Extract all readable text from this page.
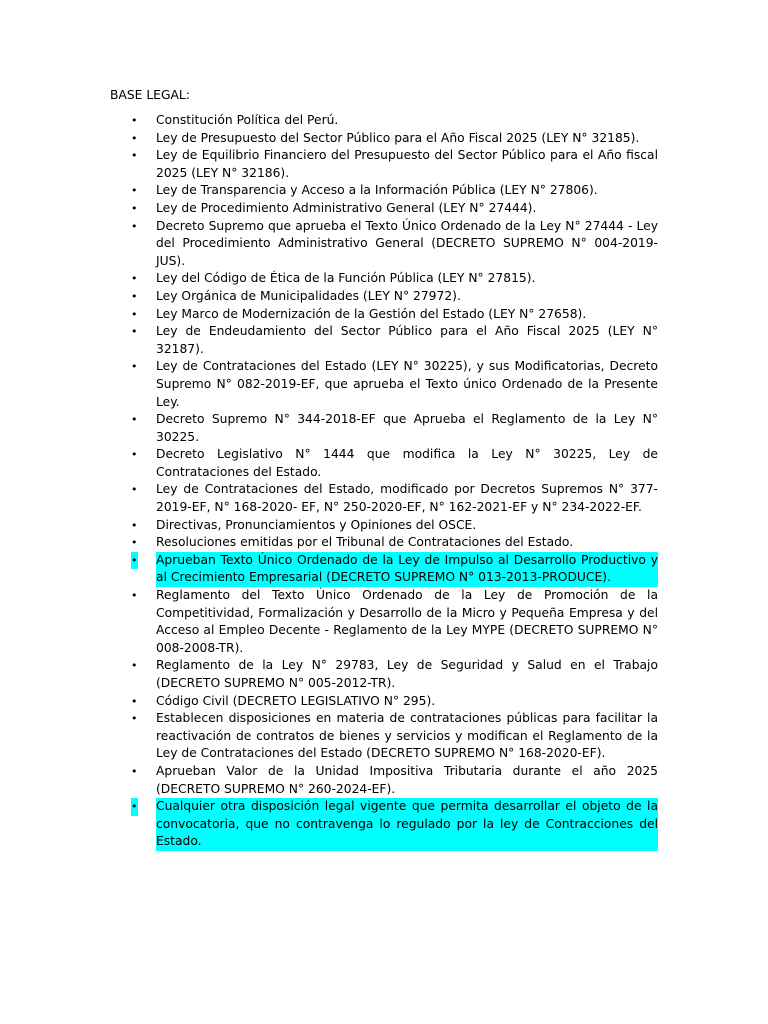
BASE LEGAL:
• Constitución Política del Perú.
• Ley de Presupuesto del Sector Público para el Año Fiscal 2025 (LEY N° 32185).
• Ley de Equilibrio Financiero del Presupuesto del Sector Público para el Año fiscal 2025 (LEY N° 32186).
• Ley de Transparencia y Acceso a la Información Pública (LEY N° 27806).
• Ley de Procedimiento Administrativo General (LEY N° 27444).
• Decreto Supremo que aprueba el Texto Único Ordenado de la Ley N° 27444 - Ley del Procedimiento Administrativo General (DECRETO SUPREMO N° 004-2019-JUS).
• Ley del Código de Ética de la Función Pública (LEY N° 27815).
• Ley Orgánica de Municipalidades (LEY N° 27972).
• Ley Marco de Modernización de la Gestión del Estado (LEY N° 27658).
• Ley de Endeudamiento del Sector Público para el Año Fiscal 2025 (LEY N° 32187).
• Ley de Contrataciones del Estado (LEY N° 30225), y sus Modificatorias, Decreto Supremo N° 082-2019-EF, que aprueba el Texto único Ordenado de la Presente Ley.
• Decreto Supremo N° 344-2018-EF que Aprueba el Reglamento de la Ley N° 30225.
• Decreto Legislativo N° 1444 que modifica la Ley N° 30225, Ley de Contrataciones del Estado.
• Ley de Contrataciones del Estado, modificado por Decretos Supremos N° 377-2019-EF, N° 168-2020- EF, N° 250-2020-EF, N° 162-2021-EF y N° 234-2022-EF.
• Directivas, Pronunciamientos y Opiniones del OSCE.
• Resoluciones emitidas por el Tribunal de Contrataciones del Estado.
• Aprueban Texto Único Ordenado de la Ley de Impulso al Desarrollo Productivo y al Crecimiento Empresarial (DECRETO SUPREMO N° 013-2013-PRODUCE).
• Reglamento del Texto Único Ordenado de la Ley de Promoción de la Competitividad, Formalización y Desarrollo de la Micro y Pequeña Empresa y del Acceso al Empleo Decente - Reglamento de la Ley MYPE (DECRETO SUPREMO N° 008-2008-TR).
• Reglamento de la Ley N° 29783, Ley de Seguridad y Salud en el Trabajo (DECRETO SUPREMO N° 005-2012-TR).
• Código Civil (DECRETO LEGISLATIVO N° 295).
• Establecen disposiciones en materia de contrataciones públicas para facilitar la reactivación de contratos de bienes y servicios y modifican el Reglamento de la Ley de Contrataciones del Estado (DECRETO SUPREMO N° 168-2020-EF).
• Aprueban Valor de la Unidad Impositiva Tributaria durante el año 2025 (DECRETO SUPREMO N° 260-2024-EF).
• Cualquier otra disposición legal vigente que permita desarrollar el objeto de la convocatoria, que no contravenga lo regulado por la ley de Contracciones del Estado.
